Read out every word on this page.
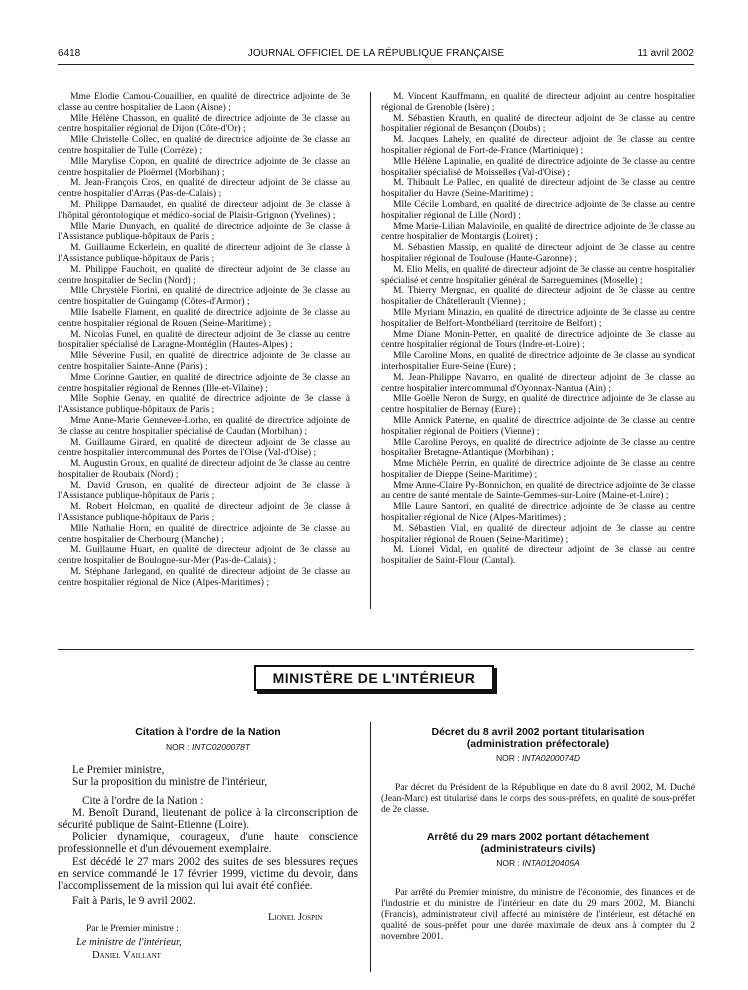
6418	JOURNAL OFFICIEL DE LA RÉPUBLIQUE FRANÇAISE	11 avril 2002

Mme Elodie Camou-Couaillier, en qualité de directrice adjointe de 3e classe au centre hospitalier de Laon (Aisne) ;

Mlle Hélène Chasson, en qualité de directrice adjointe de 3e classe au centre hospitalier régional de Dijon (Côte-d'Or) ;

Mlle Christelle Collec, en qualité de directrice adjointe de 3e classe au centre hospitalier de Tulle (Corrèze) ;

Mlle Marylise Copon, en qualité de directrice adjointe de 3e classe au centre hospitalier de Ploërmel (Morbihan) ;

M. Jean-François Cros, en qualité de directeur adjoint de 3e classe au centre hospitalier d'Arras (Pas-de-Calais) ;

M. Philippe Darnaudet, en qualité de directeur adjoint de 3e classe à l'hôpital gérontologique et médico-social de Plaisir-Grignon (Yvelines) ;

Mlle Marie Dunyach, en qualité de directrice adjointe de 3e classe à l'Assistance publique-hôpitaux de Paris ;

M. Guillaume Eckerlein, en qualité de directeur adjoint de 3e classe à l'Assistance publique-hôpitaux de Paris ;

M. Philippe Fauchoit, en qualité de directeur adjoint de 3e classe au centre hospitalier de Seclin (Nord) ;

Mlle Chrystèle Fiorini, en qualité de directrice adjointe de 3e classe au centre hospitalier de Guingamp (Côtes-d'Armor) ;

Mlle Isabelle Flament, en qualité de directrice adjointe de 3e classe au centre hospitalier régional de Rouen (Seine-Maritime) ;

M. Nicolas Funel, en qualité de directeur adjoint de 3e classe au centre hospitalier spécialisé de Laragne-Montéglin (Hautes-Alpes) ;

Mlle Séverine Fusil, en qualité de directrice adjointe de 3e classe au centre hospitalier Sainte-Anne (Paris) ;

Mme Corinne Gautier, en qualité de directrice adjointe de 3e classe au centre hospitalier régional de Rennes (Ille-et-Vilaine) ;

Mlle Sophie Genay, en qualité de directrice adjointe de 3e classe à l'Assistance publique-hôpitaux de Paris ;

Mme Anne-Marie Gennevee-Lorho, en qualité de directrice adjointe de 3e classe au centre hospitalier spécialisé de Caudan (Morbihan) ;

M. Guillaume Girard, en qualité de directeur adjoint de 3e classe au centre hospitalier intercommunal des Portes de l'Oise (Val-d'Oise) ;

M. Augustin Groux, en qualité de directeur adjoint de 3e classe au centre hospitalier de Roubaix (Nord) ;

M. David Gruson, en qualité de directeur adjoint de 3e classe à l'Assistance publique-hôpitaux de Paris ;

M. Robert Holcman, en qualité de directeur adjoint de 3e classe à l'Assistance publique-hôpitaux de Paris ;

Mlle Nathalie Horn, en qualité de directrice adjointe de 3e classe au centre hospitalier de Cherbourg (Manche) ;

M. Guillaume Huart, en qualité de directeur adjoint de 3e classe au centre hospitalier de Boulogne-sur-Mer (Pas-de-Calais) ;

M. Stéphane Jarlegand, en qualité de directeur adjoint de 3e classe au centre hospitalier régional de Nice (Alpes-Maritimes) ;

M. Vincent Kauffmann, en qualité de directeur adjoint au centre hospitalier régional de Grenoble (Isère) ;

M. Sébastien Krauth, en qualité de directeur adjoint de 3e classe au centre hospitalier régional de Besançon (Doubs) ;

M. Jacques Lahely, en qualité de directeur adjoint de 3e classe au centre hospitalier régional de Fort-de-France (Martinique) ;

Mlle Hélène Lapinalie, en qualité de directrice adjointe de 3e classe au centre hospitalier spécialisé de Moisselles (Val-d'Oise) ;

M. Thibault Le Pallec, en qualité de directeur adjoint de 3e classe au centre hospitalier du Havre (Seine-Maritime) ;

Mlle Cécile Lombard, en qualité de directrice adjointe de 3e classe au centre hospitalier régional de Lille (Nord) ;

Mme Marie-Lilian Malavioile, en qualité de directrice adjointe de 3e classe au centre hospitalier de Montargis (Loiret) ;

M. Sébastien Massip, en qualité de directeur adjoint de 3e classe au centre hospitalier régional de Toulouse (Haute-Garonne) ;

M. Elio Melis, en qualité de directeur adjoint de 3e classe au centre hospitalier spécialisé et centre hospitalier général de Sarreguemines (Moselle) ;

M. Thierry Mergnac, en qualité de directeur adjoint de 3e classe au centre hospitalier de Châtellerault (Vienne) ;

Mlle Myriam Minazio, en qualité de directrice adjointe de 3e classe au centre hospitalier de Belfort-Montbéliard (territoire de Belfort) ;

Mme Diane Monin-Petter, en qualité de directrice adjointe de 3e classe au centre hospitalier régional de Tours (Indre-et-Loire) ;

Mlle Caroline Mons, en qualité de directrice adjointe de 3e classe au syndicat interhospitalier Eure-Seine (Eure) ;

M. Jean-Philippe Navarro, en qualité de directeur adjoint de 3e classe au centre hospitalier intercommunal d'Oyonnax-Nantua (Ain) ;

Mlle Goëlle Neron de Surgy, en qualité de directrice adjointe de 3e classe au centre hospitalier de Bernay (Eure) ;

Mlle Annick Paterne, en qualité de directrice adjointe de 3e classe au centre hospitalier régional de Poitiers (Vienne) ;

Mlle Caroline Peroys, en qualité de directrice adjointe de 3e classe au centre hospitalier Bretagne-Atlantique (Morbihan) ;

Mme Michèle Perrin, en qualité de directrice adjointe de 3e classe au centre hospitalier de Dieppe (Seine-Maritime) ;

Mme Anne-Claire Py-Bonnichon, en qualité de directrice adjointe de 3e classe au centre de santé mentale de Sainte-Gemmes-sur-Loire (Maine-et-Loire) ;

Mlle Laure Santori, en qualité de directrice adjointe de 3e classe au centre hospitalier régional de Nice (Alpes-Maritimes) ;

M. Sébastien Vial, en qualité de directeur adjoint de 3e classe au centre hospitalier régional de Rouen (Seine-Maritime) ;

M. Lionel Vidal, en qualité de directeur adjoint de 3e classe au centre hospitalier de Saint-Flour (Cantal).

MINISTÈRE DE L'INTÉRIEUR
Citation à l'ordre de la Nation
NOR : INTC0200078T

Le Premier ministre,

Sur la proposition du ministre de l'intérieur,

Cite à l'ordre de la Nation :

M. Benoît Durand, lieutenant de police à la circonscription de sécurité publique de Saint-Etienne (Loire).

Policier dynamique, courageux, d'une haute conscience professionnelle et d'un dévouement exemplaire.

Est décédé le 27 mars 2002 des suites de ses blessures reçues en service commandé le 17 février 1999, victime du devoir, dans l'accomplissement de la mission qui lui avait été confiée.

Fait à Paris, le 9 avril 2002.

Lionel Jospin
Par le Premier ministre :
Le ministre de l'intérieur,
Daniel Vaillant
Décret du 8 avril 2002 portant titularisation (administration préfectorale)
NOR : INTA0200074D

Par décret du Président de la République en date du 8 avril 2002, M. Duché (Jean-Marc) est titularisé dans le corps des sous-préfets, en qualité de sous-préfet de 2e classe.

Arrêté du 29 mars 2002 portant détachement (administrateurs civils)
NOR : INTA0120405A

Par arrêté du Premier ministre, du ministre de l'économie, des finances et de l'industrie et du ministre de l'intérieur en date du 29 mars 2002, M. Bianchi (Francis), administrateur civil affecté au ministère de l'intérieur, est détaché en qualité de sous-préfet pour une durée maximale de deux ans à compter du 2 novembre 2001.
